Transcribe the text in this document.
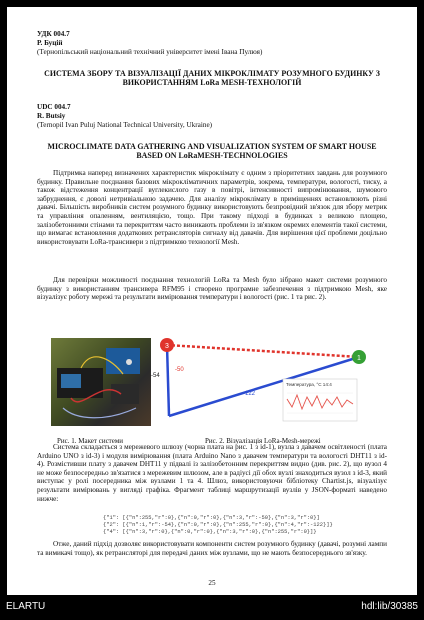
УДК 004.7

Р. Буцій

(Тернопільський національний технічний університет імені Івана Пулюя)

СИСТЕМА ЗБОРУ ТА ВІЗУАЛІЗАЦІЇ ДАНИХ МІКРОКЛІМАТУ РОЗУМНОГО БУДИНКУ З ВИКОРИСТАННЯМ LoRa MESH-ТЕХНОЛОГІЙ

UDC 004.7

R. Butsiy

(Ternopil Ivan Puluj National Technical University, Ukraine)

MICROCLIMATE DATA GATHERING AND VISUALIZATION SYSTEM OF SMART HOUSE BASED ON LoRaMESH-TECHNOLOGIES

Підтримка наперед визначених характеристик мікроклімату є одним з пріоритетних завдань для розумного будинку. Правильне поєднання базових мікрокліматичних параметрів, зокрема, температури, вологості, тиску, а також відстеження концентрації вуглекислого газу в повітрі, інтенсивності випромінювання, шумового забруднення, є доволі нетривіальною задачею. Для аналізу мікроклімату в приміщеннях встановлюють різні давачі. Більшість виробників систем розумного будинку використовують безпровідний зв'язок для збору метрик та управління опаленням, вентиляцією, тощо. При такому підході в будинках з великою площею, залізобетонними стінами та перекриттям часто виникають проблеми із зв'язком окремих елементів такої системи, що вимагає встановлення додаткових ретрансляторів сигналу від давачів. Для вирішення цієї проблеми доцільно використовувати LoRa-трансивери з підтримкою технології Mesh.

Для перевірки можливості поєднання технологій LoRa та Mesh було зібрано макет системи розумного будинку з використанням трансивера RFM95 і створено програмне забезпечення з підтримкою Mesh, яке візуалізує роботу мережі та результати вимірювання температури і вологості (рис. 1 та рис. 2).

3
1
-54
-50
-122
Температура, °C 14:4

Рис. 1. Макет системи	Рис. 2. Візуалізація LoRa-Mesh-мережі

Система складається з мережевого шлюзу (чорна плата на рис. 1 з id-1), вузла з давачем освітленості (плата Arduino UNO з id-3) і модуля вимірювання (плата Arduino Nano з давачем температури та вологості DHT11 з id-4). Розмістивши плату з давачем DHT11 у підвалі із залізобетонним перекриттям видно (див. рис. 2), що вузол 4 не може безпосередньо зв'язатися з мережевим шлюзом, але в радіусі дії обох вузлі знаходиться вузол з id-3, який виступає у ролі посередника між вузлами 1 та 4. Шлюз, використовуючи бібліотеку Chartist.js, візуалізує результати вимірювань у вигляді графіка. Фрагмент таблиці маршрутизації вузлів у JSON-форматі наведено нижче:

{"1": [{"n":255,"r":0},{"n":0,"r":0},{"n":3,"r":-50},{"n":3,"r":0}]
{"2": [{"n":1,"r":-54},{"n":0,"r":0},{"n":255,"r":0},{"n":4,"r":-122}]}
{"4": [{"n":3,"r":0},{"n":0,"r":0},{"n":3,"r":0},{"n":255,"r":0}]}

Отже, даний підхід дозволяє використовувати компоненти систем розумного будинку (давачі, розумні лампи та вимикачі тощо), як ретрансляторі для передачі даних між вузлами, що не мають безпосереднього зв'язку.

25

ELARTU	hdl:lib/30385
